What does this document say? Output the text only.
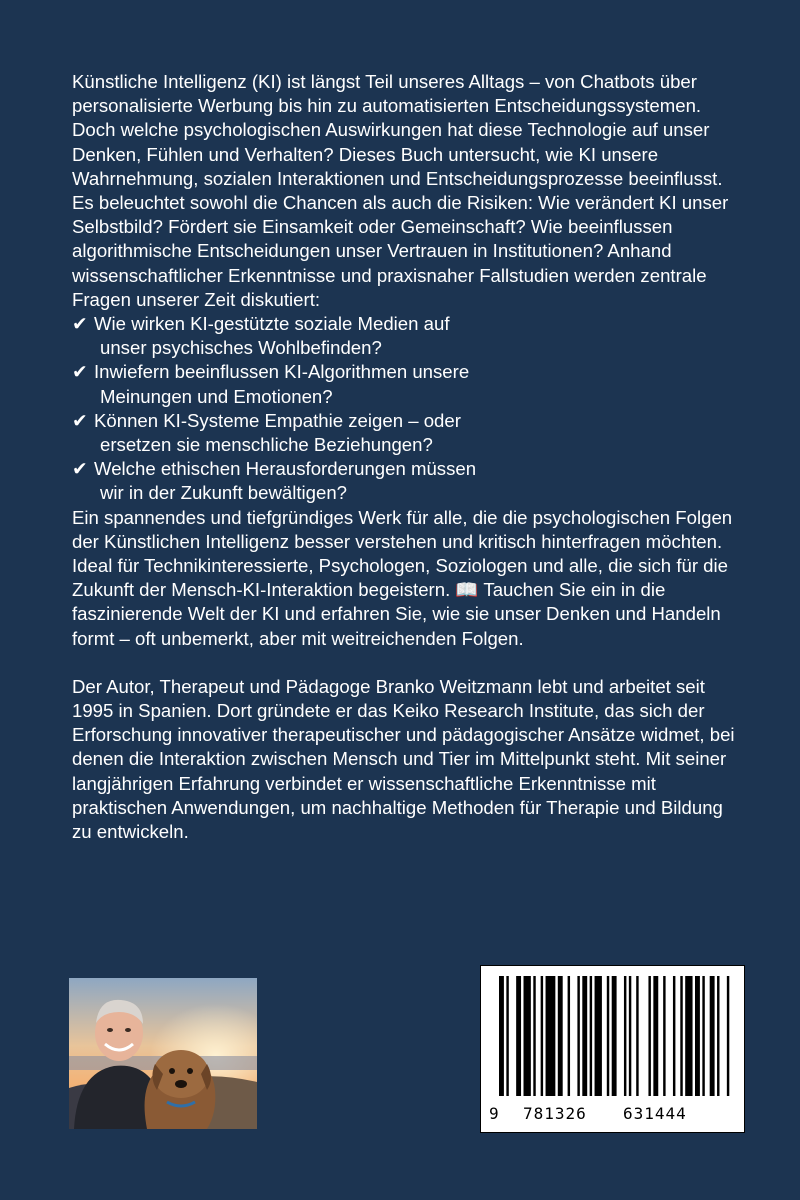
Künstliche Intelligenz (KI) ist längst Teil unseres Alltags – von Chatbots über personalisierte Werbung bis hin zu automatisierten Entscheidungssystemen. Doch welche psychologischen Auswirkungen hat diese Technologie auf unser Denken, Fühlen und Verhalten? Dieses Buch untersucht, wie KI unsere Wahrnehmung, sozialen Interaktionen und Entscheidungsprozesse beeinflusst. Es beleuchtet sowohl die Chancen als auch die Risiken: Wie verändert KI unser Selbstbild? Fördert sie Einsamkeit oder Gemeinschaft? Wie beeinflussen algorithmische Entscheidungen unser Vertrauen in Institutionen? Anhand wissenschaftlicher Erkenntnisse und praxisnaher Fallstudien werden zentrale Fragen unserer Zeit diskutiert:

✔ Wie wirken KI-gestützte soziale Medien auf
unser psychisches Wohlbefinden?
✔ Inwiefern beeinflussen KI-Algorithmen unsere
Meinungen und Emotionen?
✔ Können KI-Systeme Empathie zeigen – oder
ersetzen sie menschliche Beziehungen?
✔ Welche ethischen Herausforderungen müssen
wir in der Zukunft bewältigen?

Ein spannendes und tiefgründiges Werk für alle, die die psychologischen Folgen der Künstlichen Intelligenz besser verstehen und kritisch hinterfragen möchten. Ideal für Technikinteressierte, Psychologen, Soziologen und alle, die sich für die Zukunft der Mensch-KI-Interaktion begeistern. 📖 Tauchen Sie ein in die faszinierende Welt der KI und erfahren Sie, wie sie unser Denken und Handeln formt – oft unbemerkt, aber mit weitreichenden Folgen.

Der Autor, Therapeut und Pädagoge Branko Weitzmann lebt und arbeitet seit 1995 in Spanien. Dort gründete er das Keiko Research Institute, das sich der Erforschung innovativer therapeutischer und pädagogischer Ansätze widmet, bei denen die Interaktion zwischen Mensch und Tier im Mittelpunkt steht. Mit seiner langjährigen Erfahrung verbindet er wissenschaftliche Erkenntnisse mit praktischen Anwendungen, um nachhaltige Methoden für Therapie und Bildung zu entwickeln.

9 781326 631444
